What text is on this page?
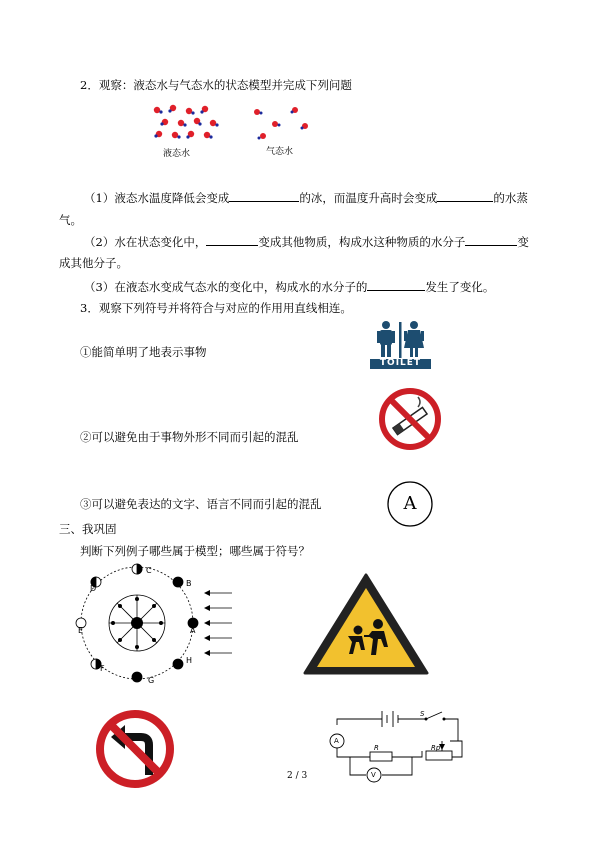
2．观察：液态水与气态水的状态模型并完成下列问题
液态水	气态水
（1）液态水温度降低会变成	的冰，而温度升高时会变成	的水蒸
气。
（2）水在状态变化中，	变成其他物质，构成水这种物质的水分子	变
成其他分子。
（3）在液态水变成气态水的变化中，构成水的水分子的	发生了变化。
3．观察下列符号并将符合与对应的作用用直线相连。
①能简单明了地表示事物
②可以避免由于事物外形不同而引起的混乱
③可以避免表达的文字、语言不同而引起的混乱
TOILET
A
三、我巩固
判断下列例子哪些属于模型；哪些属于符号？
C
B
A
H
G
F
E
D
S
A
R
V
Rp
2 / 3
